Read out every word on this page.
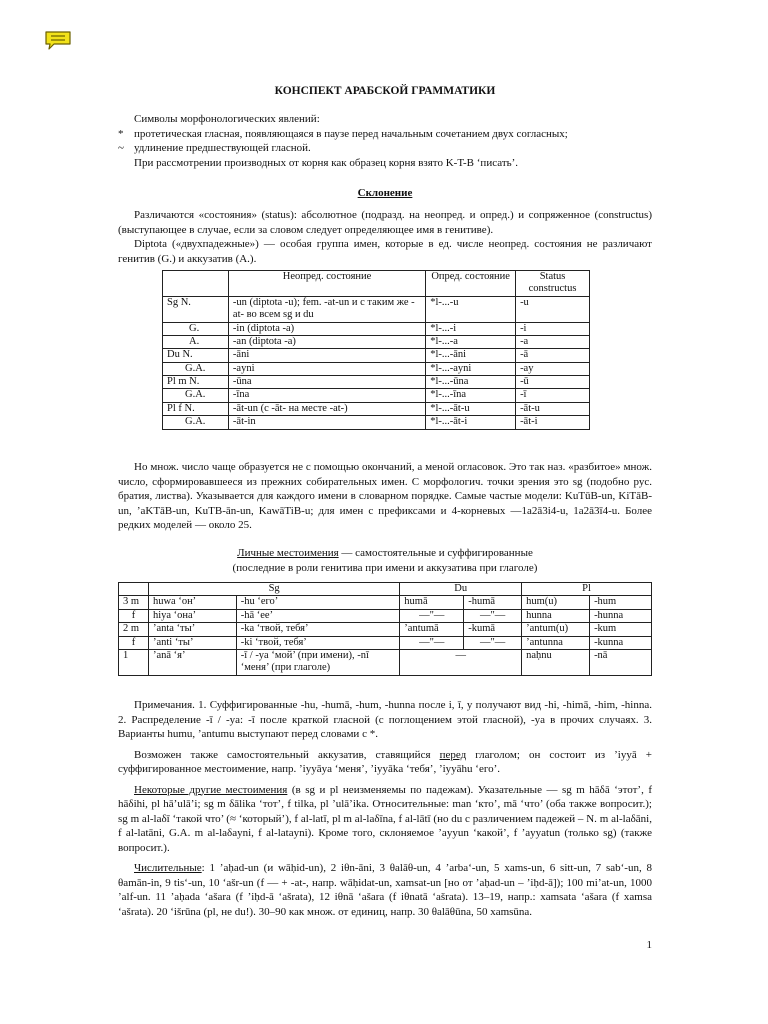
КОНСПЕКТ АРАБСКОЙ ГРАММАТИКИ
Символы морфонологических явлений:
* протетическая гласная, появляющаяся в паузе перед начальным сочетанием двух согласных;
~ удлинение предшествующей гласной.
При рассмотрении производных от корня как образец корня взято K-T-B ‘писать’.
Склонение
Различаются «состояния» (status): абсолютное (подразд. на неопред. и опред.) и сопряженное (constructus) (выступающее в случае, если за словом следует определяющее имя в генитиве).
Diptota («двухпадежные») — особая группа имен, которые в ед. числе неопред. состояния не различают генитив (G.) и аккузатив (A.).
	Неопред. состояние	Опред. состояние	Status constructus
Sg N.	-un (diptota -u); fem. -at-un и с таким же -at- во всем sg и du	*l-...-u	-u
G.	-in (diptota -a)	*l-...-i	-i
A.	-an (diptota -a)	*l-...-a	-a
Du N.	-āni	*l-...-āni	-ā
G.A.	-ayni	*l-...-ayni	-ay
Pl m N.	-ūna	*l-...-ūna	-ū
G.A.	-īna	*l-...-īna	-ī
Pl f N.	-āt-un (с -āt- на месте -at-)	*l-...-āt-u	-āt-u
G.A.	-āt-in	*l-...-āt-i	-āt-i
Но множ. число чаще образуется не с помощью окончаний, а меной огласовок. Это так наз. «разбитое» множ. число, сформировавшееся из прежних собирательных имен. С морфологич. точки зрения это sg (подобно рус. братия, листва). Указывается для каждого имени в словарном порядке. Самые частые модели: KuTūB-un, KiTāB-un, ʼaKTāB-un, KuTB-ān-un, KawāTiB-u; для имен с префиксами и 4-корневых —1a2ā3i4-u, 1a2ā3ī4-u. Более редких моделей — около 25.
Личные местоимения — самостоятельные и суффигированные
(последние в роли генитива при имени и аккузатива при глаголе)
	Sg		Du		Pl	
3 m	huwa ‘он’	-hu ‘его’	humā	-humā	hum(u)	-hum
f	hiya ‘она’	-hā ‘ее’	—"—	—"—	hunna	-hunna
2 m	ʼanta ‘ты’	-ka ‘твой, тебя’	ʼantumā	-kumā	ʼantum(u)	-kum
f	ʼanti ‘ты’	-ki ‘твой, тебя’	—"—	—"—	ʼantunna	-kunna
1	ʼanā ‘я’	-ī / -ya ‘мой’ (при имени), -nī ‘меня’ (при глаголе)	—		naḥnu	-nā
Примечания. 1. Суффигированные -hu, -humā, -hum, -hunna после i, ī, y получают вид -hi, -himā, -him, -hinna. 2. Распределение -ī / -ya: -ī после краткой гласной (с поглощением этой гласной), -ya в прочих случаях. 3. Варианты humu, ʼantumu выступают перед словами с *.
Возможен также самостоятельный аккузатив, ставящийся перед глаголом; он состоит из ʼiyyā + суффигированное местоимение, напр. ʼiyyāya ‘меня’, ʼiyyāka ‘тебя’, ʼiyyāhu ‘его’.
Некоторые другие местоимения (в sg и pl неизменяемы по падежам). Указательные — sg m hāδā ‘этот’, f hāδihi, pl hāʼulāʼi; sg m δālika ‘тот’, f tilka, pl ʼulāʼika. Относительные: man ‘кто’, mā ‘что’ (оба также вопросит.); sg m al-laδī ‘такой что’ (≈ ‘который’), f al-latī, pl m al-laδīna, f al-lātī (но du с различением падежей – N. m al-laδāni, f al-latāni, G.A. m al-laδayni, f al-latayni). Кроме того, склоняемое ʼayyun ‘какой’, f ʼayyatun (только sg) (также вопросит.).
Числительные: 1 ʼaḥad-un (и wāḥid-un), 2 iθn-āni, 3 θalāθ-un, 4 ʼarbaʻ-un, 5 xams-un, 6 sitt-un, 7 sabʻ-un, 8 θamān-in, 9 tisʻ-un, 10 ʻašr-un (f — + -at-, напр. wāḥidat-un, xamsat-un [но от ʼaḥad-un – ʼiḥd-ā]); 100 miʼat-un, 1000 ʼalf-un. 11 ʼaḥada ʻašara (f ʼiḥd-ā ʻašrata), 12 iθnā ʻašara (f iθnatā ʻašrata). 13–19, напр.: xamsata ʻašara (f xamsa ʻašrata). 20 ʻišrūna (pl, не du!). 30–90 как множ. от единиц, напр. 30 θalāθūna, 50 xamsūna.
1
